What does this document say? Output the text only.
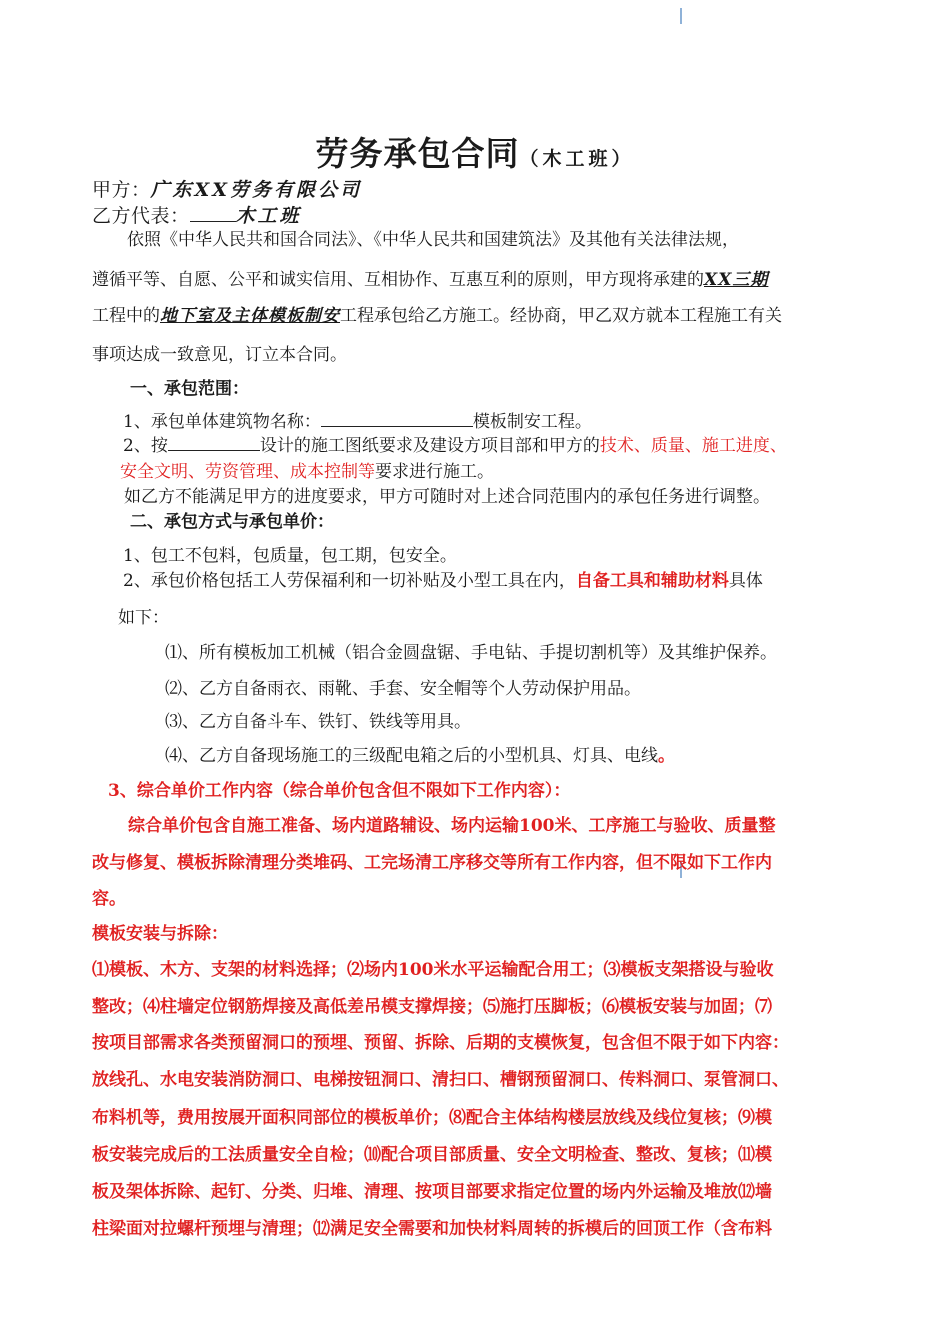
劳务承包合同（木工班）
甲方：广东XX劳务有限公司
乙方代表： 木工班
依照《中华人民共和国合同法》、《中华人民共和国建筑法》及其他有关法律法规，
遵循平等、自愿、公平和诚实信用、互相协作、互惠互利的原则，甲方现将承建的XX三期
工程中的地下室及主体模板制安工程承包给乙方施工。经协商，甲乙双方就本工程施工有关
事项达成一致意见，订立本合同。
一、承包范围：
1、承包单体建筑物名称：	模板制安工程。
2、按	设计的施工图纸要求及建设方项目部和甲方的技术、质量、施工进度、
安全文明、劳资管理、成本控制等要求进行施工。
如乙方不能满足甲方的进度要求，甲方可随时对上述合同范围内的承包任务进行调整。
二、承包方式与承包单价：
1、包工不包料，包质量，包工期，包安全。
2、承包价格包括工人劳保福利和一切补贴及小型工具在内，自备工具和辅助材料具体
如下：
⑴、所有模板加工机械（铝合金圆盘锯、手电钻、手提切割机等）及其维护保养。
⑵、乙方自备雨衣、雨靴、手套、安全帽等个人劳动保护用品。
⑶、乙方自备斗车、铁钉、铁线等用具。
⑷、乙方自备现场施工的三级配电箱之后的小型机具、灯具、电线。
3、综合单价工作内容（综合单价包含但不限如下工作内容）：
综合单价包含自施工准备、场内道路辅设、场内运输100米、工序施工与验收、质量整
改与修复、模板拆除清理分类堆码、工完场清工序移交等所有工作内容，但不限如下工作内
容。
模板安装与拆除：
⑴模板、木方、支架的材料选择；⑵场内100米水平运输配合用工；⑶模板支架搭设与验收
整改；⑷柱墙定位钢筋焊接及高低差吊模支撑焊接；⑸施打压脚板；⑹模板安装与加固；⑺
按项目部需求各类预留洞口的预埋、预留、拆除、后期的支模恢复，包含但不限于如下内容：
放线孔、水电安装消防洞口、电梯按钮洞口、清扫口、槽钢预留洞口、传料洞口、泵管洞口、
布料机等，费用按展开面积同部位的模板单价；⑻配合主体结构楼层放线及线位复核；⑼模
板安装完成后的工法质量安全自检；⑽配合项目部质量、安全文明检查、整改、复核；⑾模
板及架体拆除、起钉、分类、归堆、清理、按项目部要求指定位置的场内外运输及堆放⑿墙
柱梁面对拉螺杆预埋与清理；⑿满足安全需要和加快材料周转的拆模后的回顶工作（含布料
